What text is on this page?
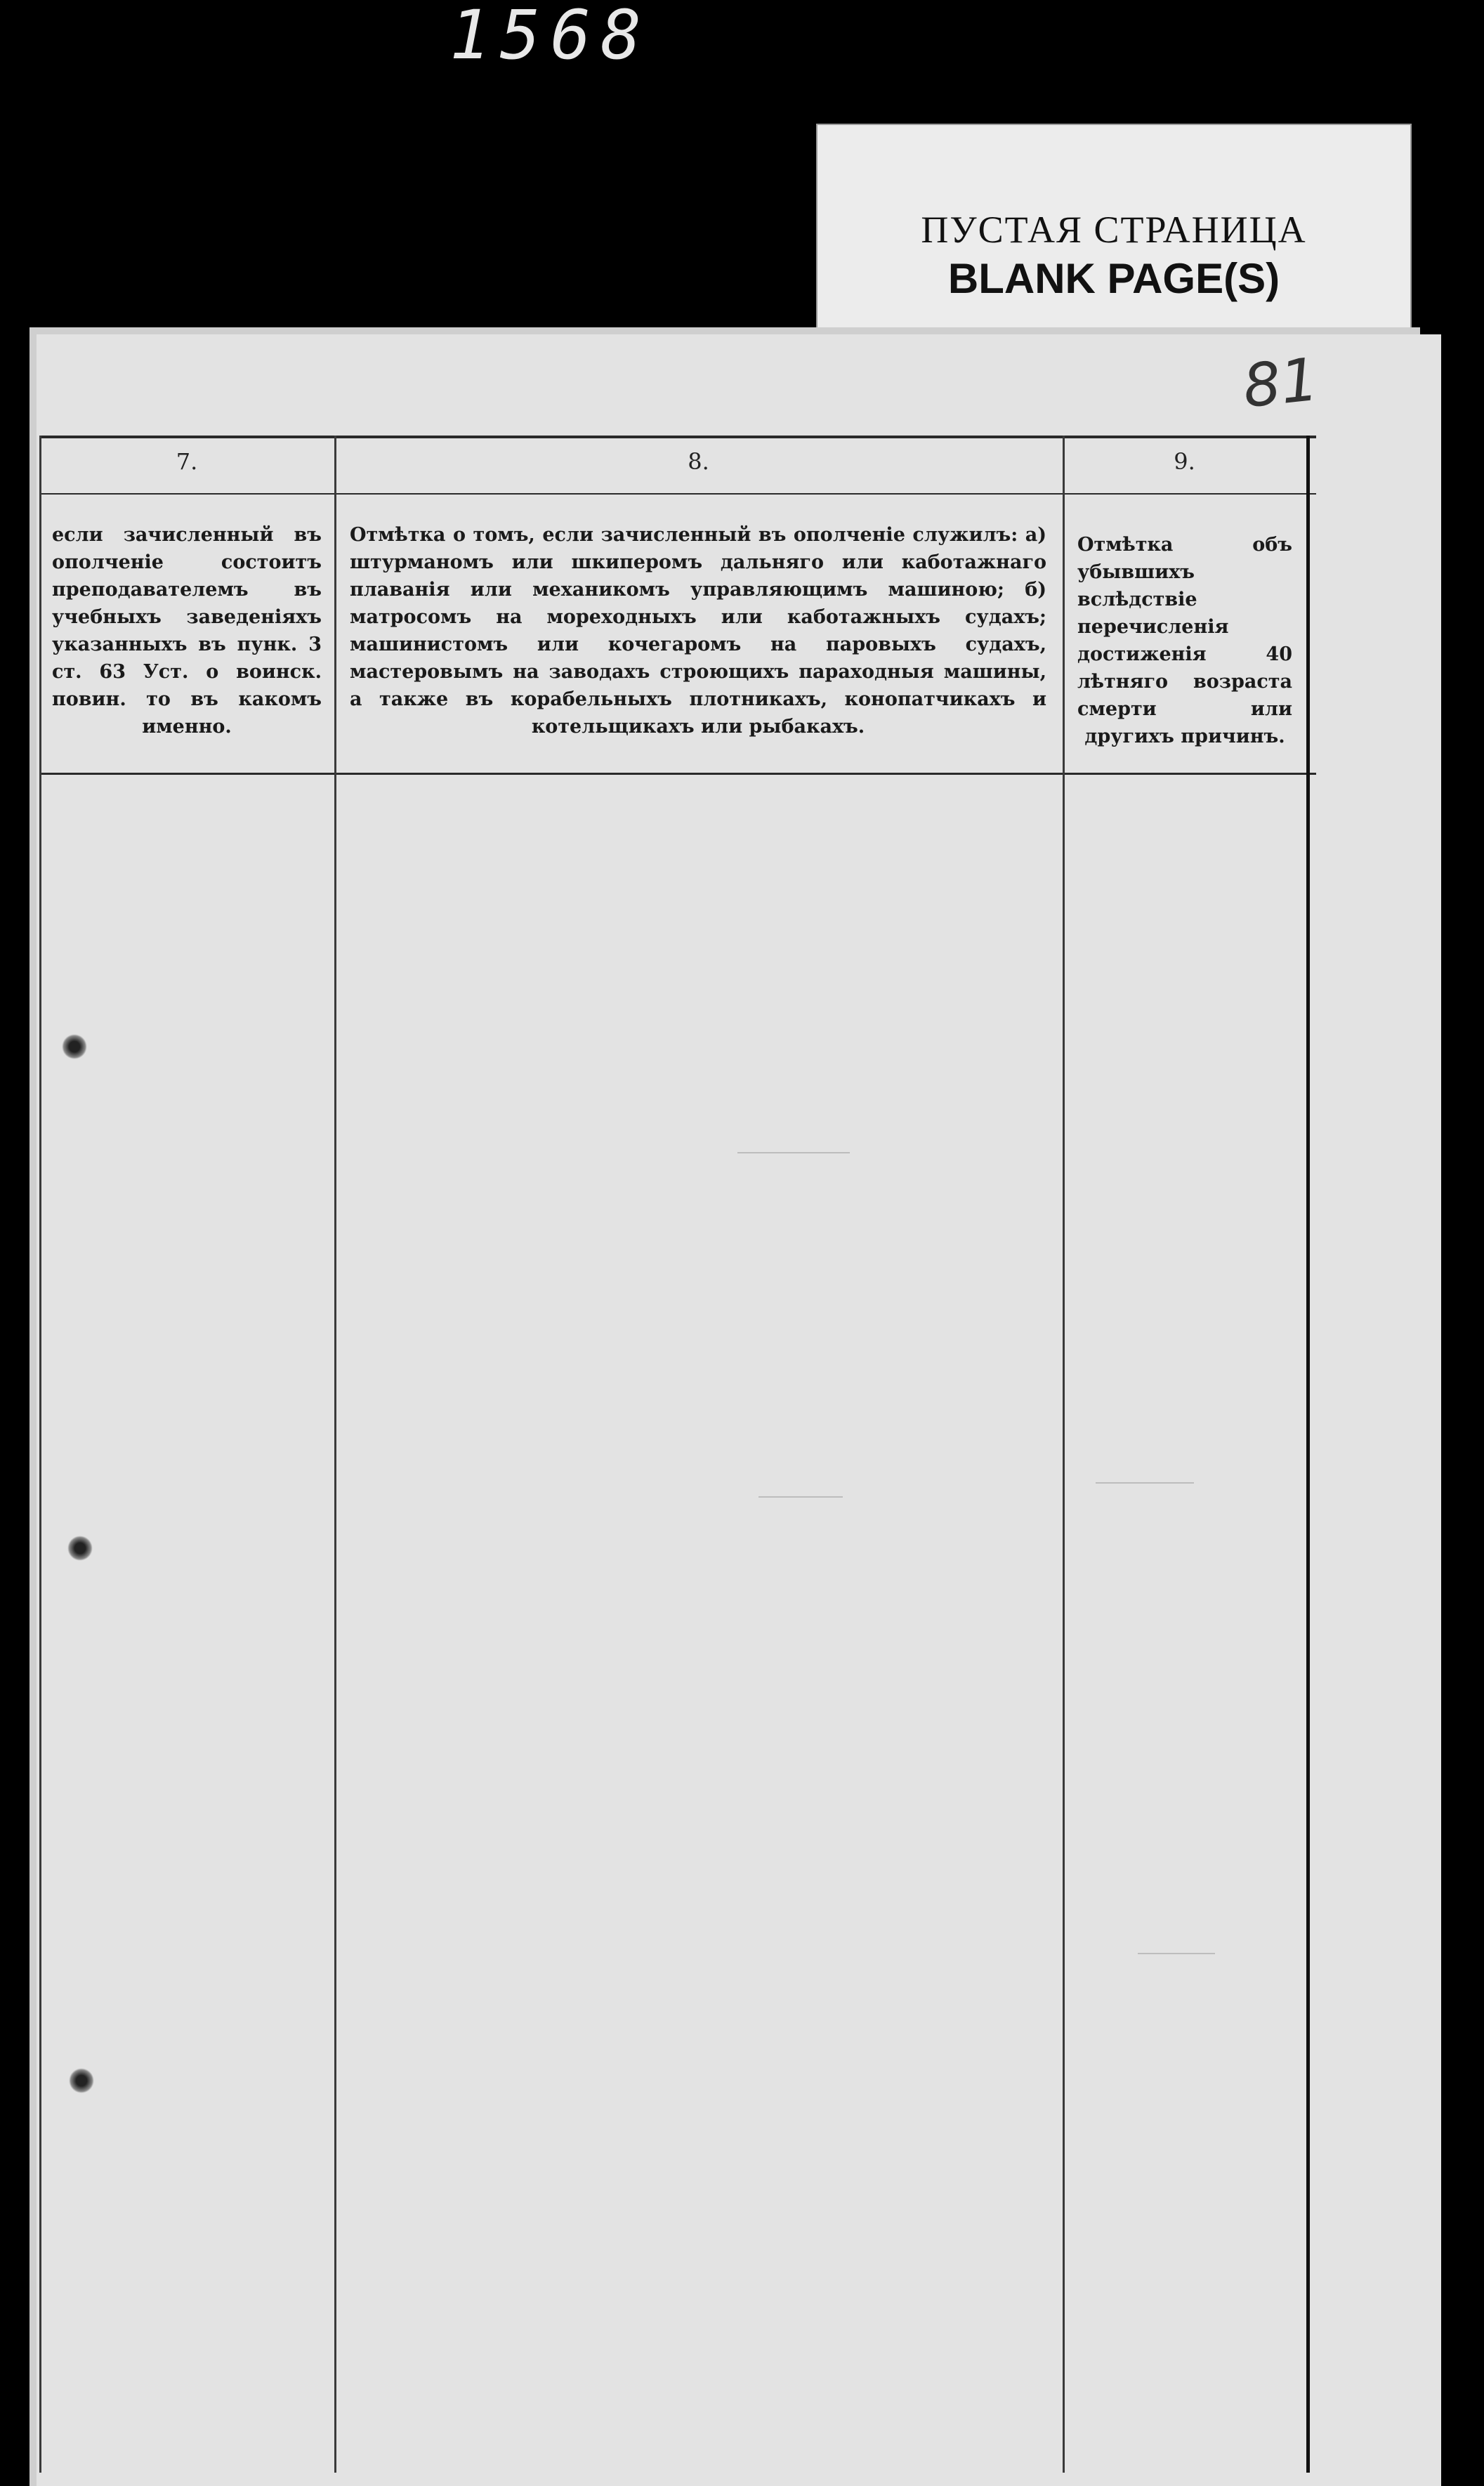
1568
ПУСТАЯ СТРАНИЦА
BLANK PAGE(S)
81
7.	8.	9.
если зачисленный въ ополченіе состоитъ преподавателемъ въ учебныхъ заведеніяхъ указанныхъ въ пунк. 3 ст. 63 Уст. о воинск. повин. то въ какомъ именно.
Отмѣтка о томъ, если зачисленный въ ополченіе служилъ: а) штурманомъ или шкиперомъ дальняго или каботажнаго плаванія или механикомъ управляющимъ машиною; б) матросомъ на мореходныхъ или каботажныхъ судахъ; машинистомъ или кочегаромъ на паровыхъ судахъ, мастеровымъ на заводахъ строющихъ параходныя машины, а также въ корабельныхъ плотникахъ, конопатчикахъ и котельщикахъ или рыбакахъ.
Отмѣтка объ убывшихъ вслѣдствіе перечисленія достиженія 40 лѣтняго возраста смерти или другихъ причинъ.
